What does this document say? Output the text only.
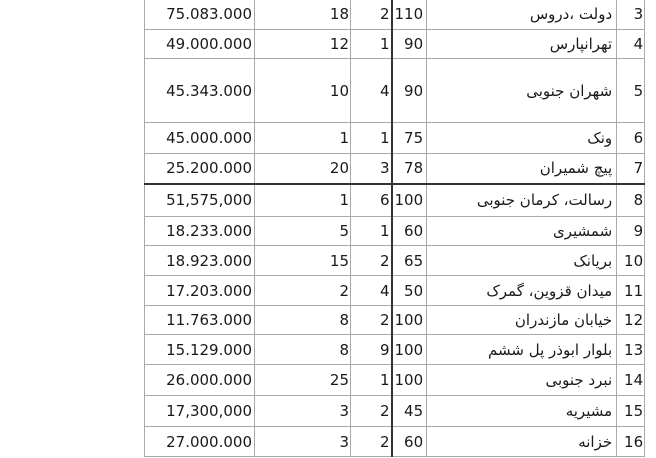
75.083.000	18	2	110	دولت ،دروس	3
49.000.000	12	1	90	تهرانپارس	4
45.343.000	10	4	90	شهران جنوبی	5
45.000.000	1	1	75	ونک	6
25.200.000	20	3	78	پیچ شمیران	7
51,575,000	1	6	100	رسالت، کرمان جنوبی	8
18.233.000	5	1	60	شمشیری	9
18.923.000	15	2	65	بریانک	10
17.203.000	2	4	50	میدان قزوین، گمرک	11
11.763.000	8	2	100	خیابان مازندران	12
15.129.000	8	9	100	بلوار ابوذر پل ششم	13
26.000.000	25	1	100	نبرد جنوبی	14
17,300,000	3	2	45	مشیریه	15
27.000.000	3	2	60	خزانه	16
